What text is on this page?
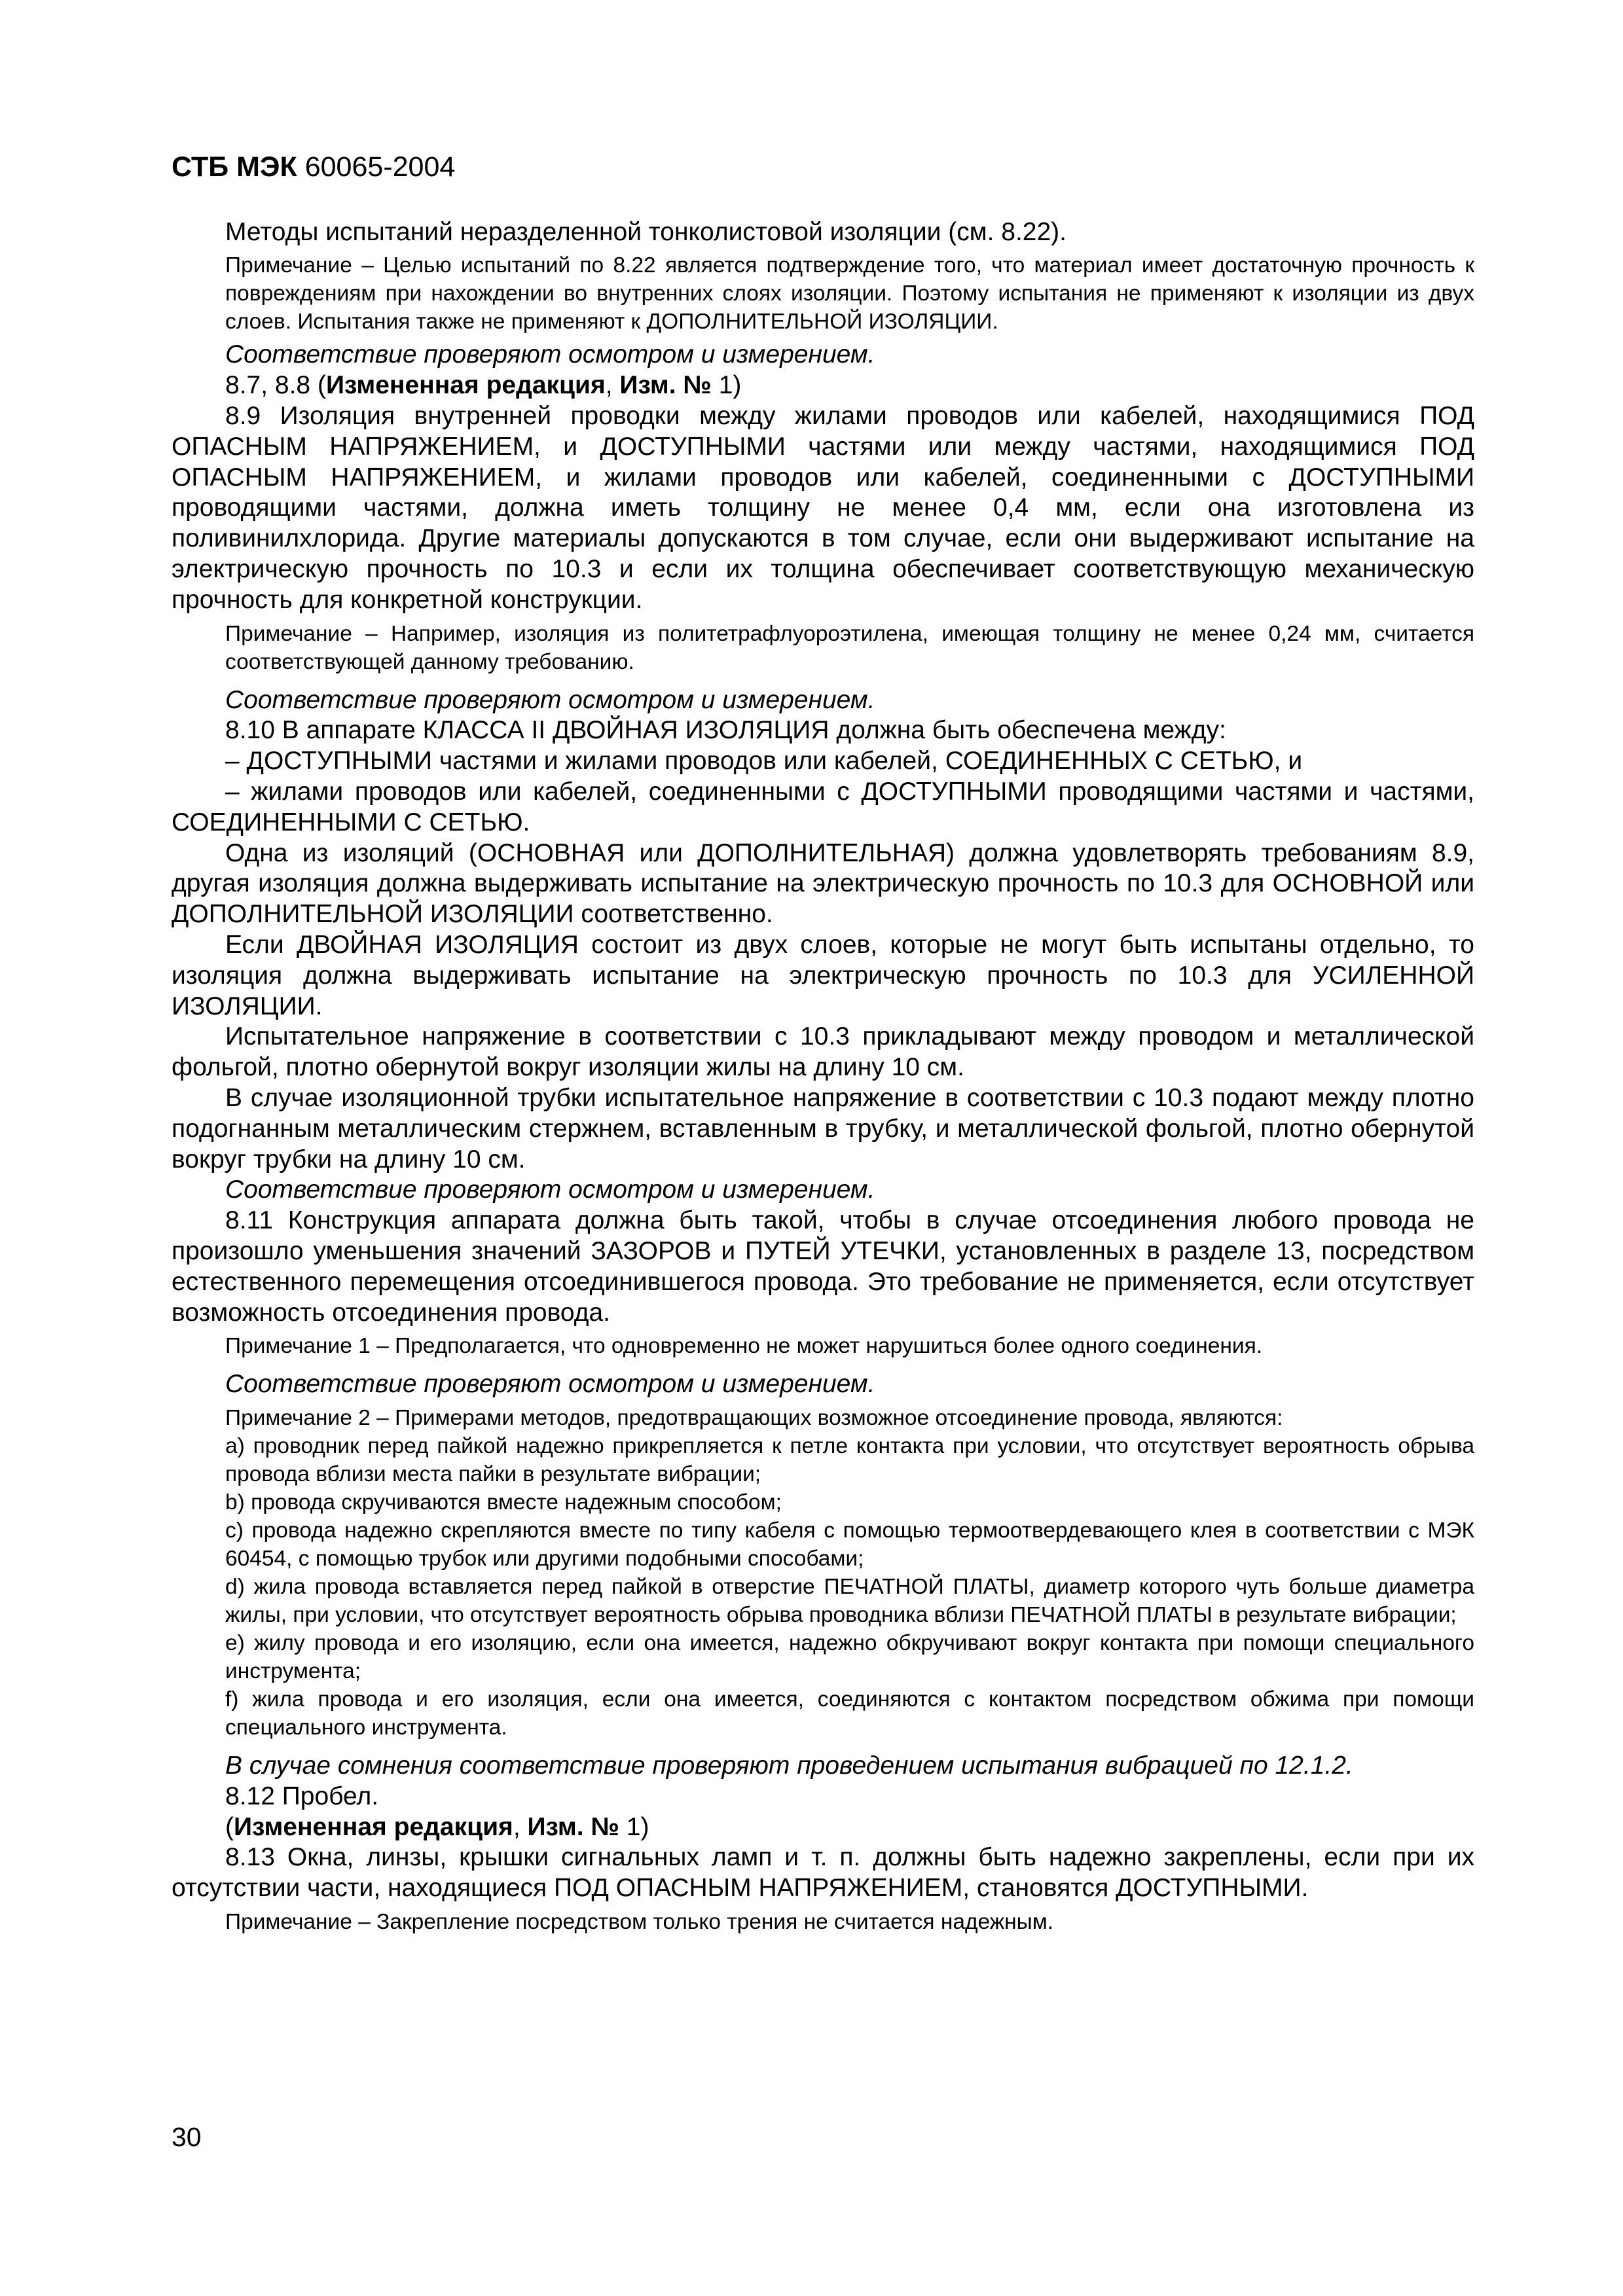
СТБ МЭК 60065-2004

Методы испытаний неразделенной тонколистовой изоляции (см. 8.22).

Примечание – Целью испытаний по 8.22 является подтверждение того, что материал имеет достаточную прочность к повреждениям при нахождении во внутренних слоях изоляции. Поэтому испытания не применяют к изоляции из двух слоев. Испытания также не применяют к ДОПОЛНИТЕЛЬНОЙ ИЗОЛЯЦИИ.

Соответствие проверяют осмотром и измерением.

8.7, 8.8 (Измененная редакция, Изм. № 1)

8.9 Изоляция внутренней проводки между жилами проводов или кабелей, находящимися ПОД ОПАСНЫМ НАПРЯЖЕНИЕМ, и ДОСТУПНЫМИ частями или между частями, находящимися ПОД ОПАСНЫМ НАПРЯЖЕНИЕМ, и жилами проводов или кабелей, соединенными с ДОСТУПНЫМИ проводящими частями, должна иметь толщину не менее 0,4 мм, если она изготовлена из поливинилхлорида. Другие материалы допускаются в том случае, если они выдерживают испытание на электрическую прочность по 10.3 и если их толщина обеспечивает соответствующую механическую прочность для конкретной конструкции.

Примечание – Например, изоляция из политетрафлуороэтилена, имеющая толщину не менее 0,24 мм, считается соответствующей данному требованию.

Соответствие проверяют осмотром и измерением.

8.10 В аппарате КЛАССА II ДВОЙНАЯ ИЗОЛЯЦИЯ должна быть обеспечена между:

– ДОСТУПНЫМИ частями и жилами проводов или кабелей, СОЕДИНЕННЫХ С СЕТЬЮ, и

– жилами проводов или кабелей, соединенными с ДОСТУПНЫМИ проводящими частями и частями, СОЕДИНЕННЫМИ С СЕТЬЮ.

Одна из изоляций (ОСНОВНАЯ или ДОПОЛНИТЕЛЬНАЯ) должна удовлетворять требованиям 8.9, другая изоляция должна выдерживать испытание на электрическую прочность по 10.3 для ОСНОВНОЙ или ДОПОЛНИТЕЛЬНОЙ ИЗОЛЯЦИИ соответственно.

Если ДВОЙНАЯ ИЗОЛЯЦИЯ состоит из двух слоев, которые не могут быть испытаны отдельно, то изоляция должна выдерживать испытание на электрическую прочность по 10.3 для УСИЛЕННОЙ ИЗОЛЯЦИИ.

Испытательное напряжение в соответствии с 10.3 прикладывают между проводом и металлической фольгой, плотно обернутой вокруг изоляции жилы на длину 10 см.

В случае изоляционной трубки испытательное напряжение в соответствии с 10.3 подают между плотно подогнанным металлическим стержнем, вставленным в трубку, и металлической фольгой, плотно обернутой вокруг трубки на длину 10 см.

Соответствие проверяют осмотром и измерением.

8.11 Конструкция аппарата должна быть такой, чтобы в случае отсоединения любого провода не произошло уменьшения значений ЗАЗОРОВ и ПУТЕЙ УТЕЧКИ, установленных в разделе 13, посредством естественного перемещения отсоединившегося провода. Это требование не применяется, если отсутствует возможность отсоединения провода.

Примечание 1 – Предполагается, что одновременно не может нарушиться более одного соединения.

Соответствие проверяют осмотром и измерением.

Примечание 2 – Примерами методов, предотвращающих возможное отсоединение провода, являются:

a) проводник перед пайкой надежно прикрепляется к петле контакта при условии, что отсутствует вероятность обрыва провода вблизи места пайки в результате вибрации;

b) провода скручиваются вместе надежным способом;

c) провода надежно скрепляются вместе по типу кабеля с помощью термоотвердевающего клея в соответствии с МЭК 60454, с помощью трубок или другими подобными способами;

d) жила провода вставляется перед пайкой в отверстие ПЕЧАТНОЙ ПЛАТЫ, диаметр которого чуть больше диаметра жилы, при условии, что отсутствует вероятность обрыва проводника вблизи ПЕЧАТНОЙ ПЛАТЫ в результате вибрации;

e) жилу провода и его изоляцию, если она имеется, надежно обкручивают вокруг контакта при помощи специального инструмента;

f) жила провода и его изоляция, если она имеется, соединяются с контактом посредством обжима при помощи специального инструмента.

В случае сомнения соответствие проверяют проведением испытания вибрацией по 12.1.2.

8.12 Пробел.

(Измененная редакция, Изм. № 1)

8.13 Окна, линзы, крышки сигнальных ламп и т. п. должны быть надежно закреплены, если при их отсутствии части, находящиеся ПОД ОПАСНЫМ НАПРЯЖЕНИЕМ, становятся ДОСТУПНЫМИ.

Примечание – Закрепление посредством только трения не считается надежным.

30
